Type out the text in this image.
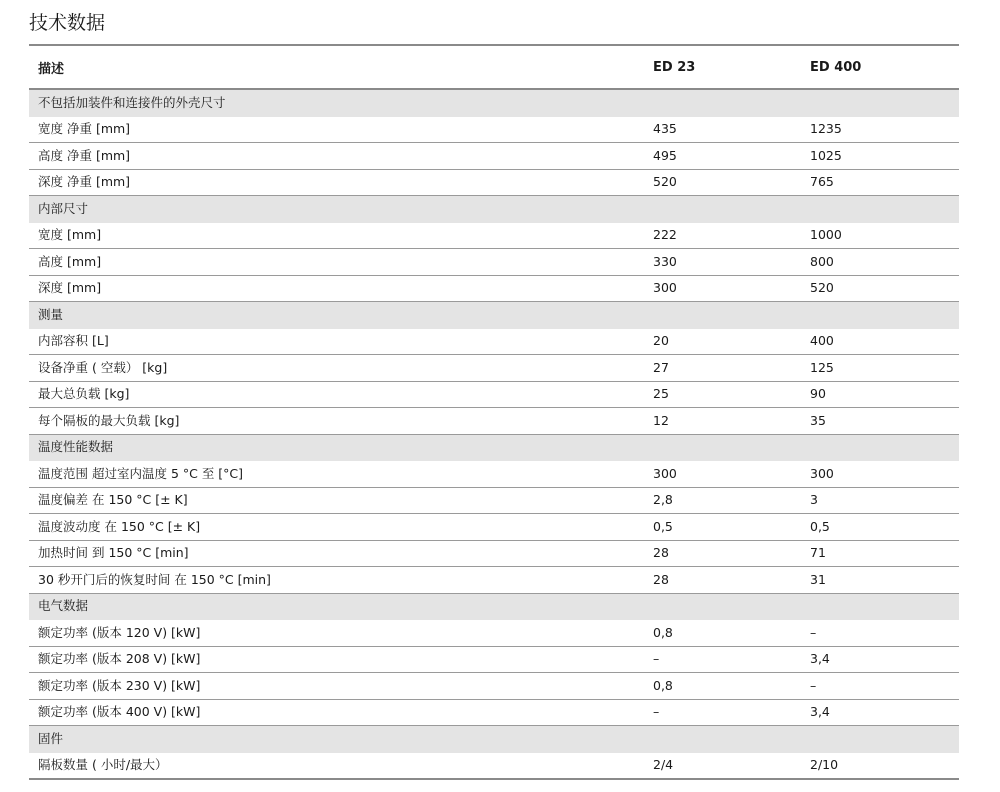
技术数据
描述	ED 23	ED 400
不包括加装件和连接件的外壳尺寸		
宽度 净重 [mm]	435	1235
高度 净重 [mm]	495	1025
深度 净重 [mm]	520	765
内部尺寸		
宽度 [mm]	222	1000
高度 [mm]	330	800
深度 [mm]	300	520
测量		
内部容积 [L]	20	400
设备净重 ( 空载） [kg]	27	125
最大总负载 [kg]	25	90
每个隔板的最大负载 [kg]	12	35
温度性能数据		
温度范围 超过室内温度 5 °C 至 [°C]	300	300
温度偏差 在 150 °C [± K]	2,8	3
温度波动度 在 150 °C [± K]	0,5	0,5
加热时间 到 150 °C [min]	28	71
30 秒开门后的恢复时间 在 150 °C [min]	28	31
电气数据		
额定功率 (版本 120 V) [kW]	0,8	–
额定功率 (版本 208 V) [kW]	–	3,4
额定功率 (版本 230 V) [kW]	0,8	–
额定功率 (版本 400 V) [kW]	–	3,4
固件		
隔板数量 ( 小时/最大）	2/4	2/10
